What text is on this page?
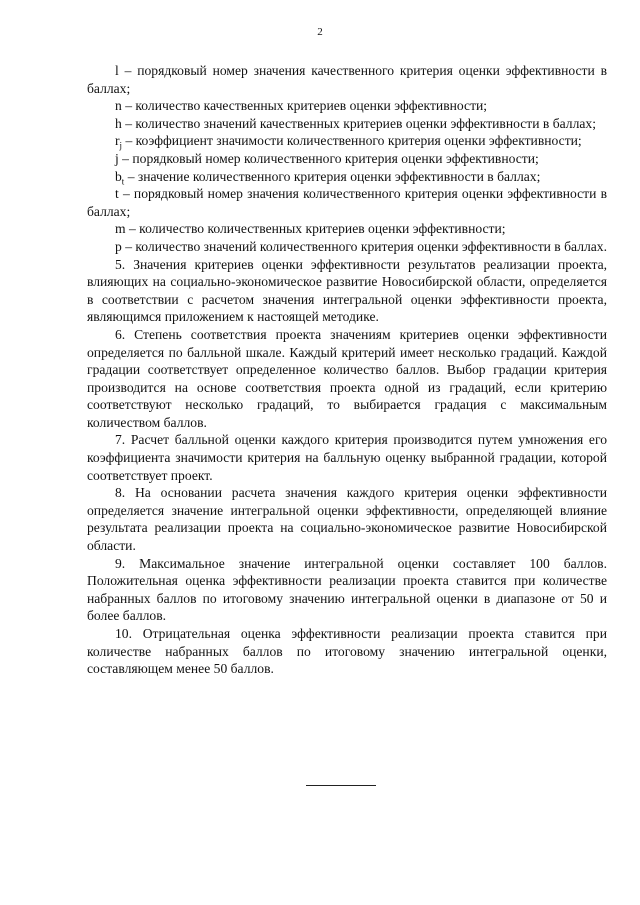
2

l – порядковый номер значения качественного критерия оценки эффективности в баллах;

n – количество качественных критериев оценки эффективности;

h – количество значений качественных критериев оценки эффективности в баллах;

$r_j$ – коэффициент значимости количественного критерия оценки эффективности;

j – порядковый номер количественного критерия оценки эффективности;

$b_t$ – значение количественного критерия оценки эффективности в баллах;

t – порядковый номер значения количественного критерия оценки эффективности в баллах;

m – количество количественных критериев оценки эффективности;

p – количество значений количественного критерия оценки эффективности в баллах.

5. Значения критериев оценки эффективности результатов реализации проекта, влияющих на социально-экономическое развитие Новосибирской области, определяется в соответствии с расчетом значения интегральной оценки эффективности проекта, являющимся приложением к настоящей методике.

6. Степень соответствия проекта значениям критериев оценки эффективности определяется по балльной шкале. Каждый критерий имеет несколько градаций. Каждой градации соответствует определенное количество баллов. Выбор градации критерия производится на основе соответствия проекта одной из градаций, если критерию соответствуют несколько градаций, то выбирается градация с максимальным количеством баллов.

7. Расчет балльной оценки каждого критерия производится путем умножения его коэффициента значимости критерия на балльную оценку выбранной градации, которой соответствует проект.

8. На основании расчета значения каждого критерия оценки эффективности определяется значение интегральной оценки эффективности, определяющей влияние результата реализации проекта на социально-экономическое развитие Новосибирской области.

9. Максимальное значение интегральной оценки составляет 100 баллов. Положительная оценка эффективности реализации проекта ставится при количестве набранных баллов по итоговому значению интегральной оценки в диапазоне от 50 и более баллов.

10. Отрицательная оценка эффективности реализации проекта ставится при количестве набранных баллов по итоговому значению интегральной оценки, составляющем менее 50 баллов.
